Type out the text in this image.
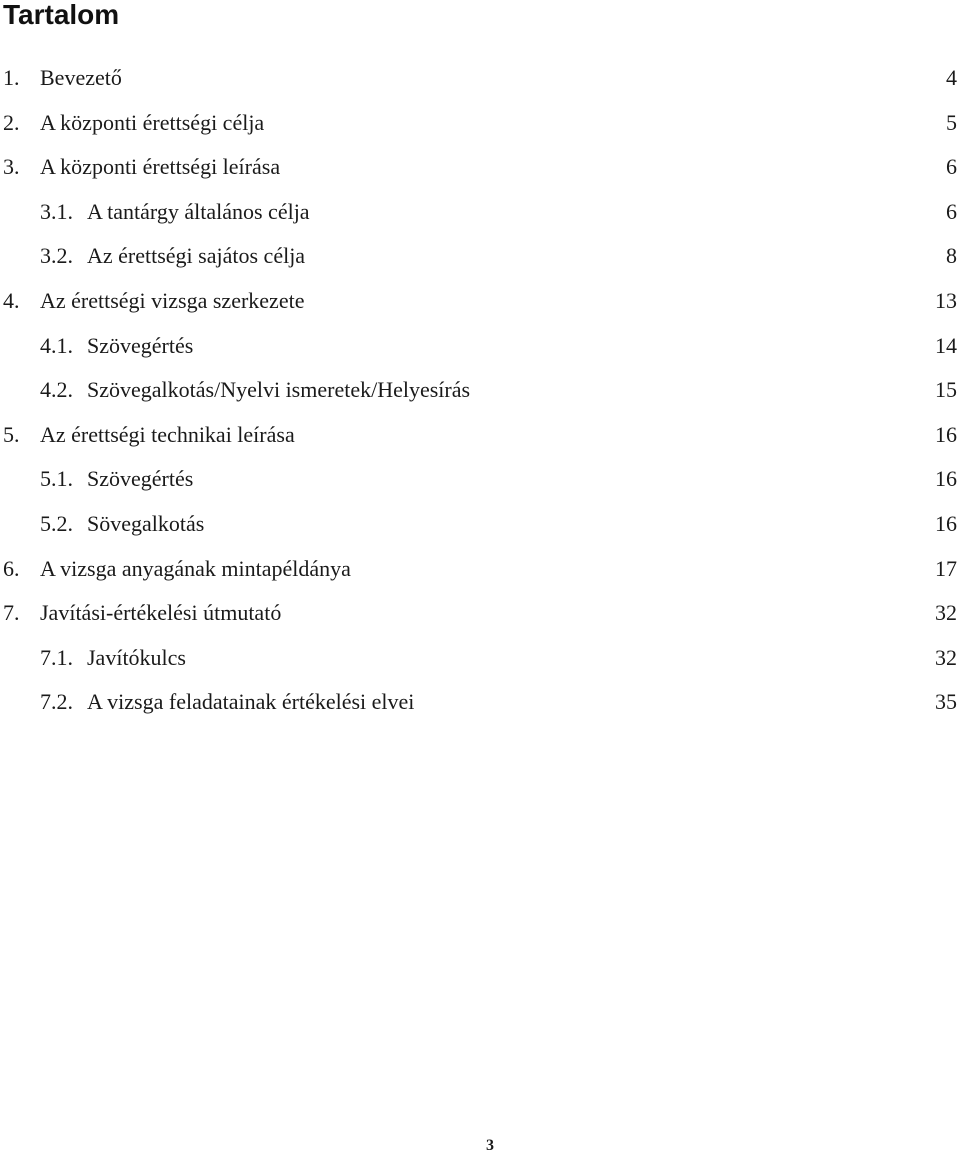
Tartalom
1. Bevezető	4
2. A központi érettségi célja	5
3. A központi érettségi leírása	6
3.1. A tantárgy általános célja	6
3.2. Az érettségi sajátos célja	8
4. Az érettségi vizsga szerkezete	13
4.1. Szövegértés	14
4.2. Szövegalkotás/Nyelvi ismeretek/Helyesírás	15
5. Az érettségi technikai leírása	16
5.1. Szövegértés	16
5.2. Sövegalkotás	16
6. A vizsga anyagának mintapéldánya	17
7. Javítási-értékelési útmutató	32
7.1. Javítókulcs	32
7.2. A vizsga feladatainak értékelési elvei	35
3
